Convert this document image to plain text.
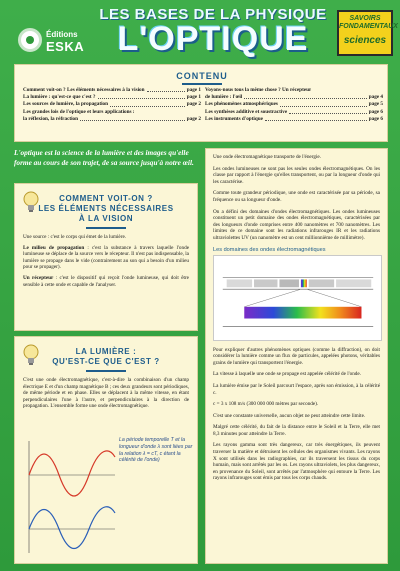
Éditions
ESKA
LES BASES DE LA PHYSIQUE
L'OPTIQUE
SAVOIRS FONDAMENTAUX
sciences
CONTENU
Comment voit-on ? Les éléments nécessaires à la vision	page 1
La lumière : qu'est-ce que c'est ?	page 1
Les sources de lumière, la propagation	page 2
Les grandes lois de l'optique et leurs applications :
la réflexion, la réfraction	page 2
Voyons-nous tous la même chose ? Un récepteur
de lumière : l'œil	page 4
Les phénomènes atmosphériques	page 5
Les synthèses additive et soustractive	page 6
Les instruments d'optique	page 6
L'optique est la science de la lumière et des images qu'elle forme au cours de son trajet, de sa source jusqu'à notre œil.
COMMENT VOIT-ON ?
LES ÉLÉMENTS NÉCESSAIRES
À LA VISION

Une source : c'est le corps qui émet de la lumière.

Le milieu de propagation : c'est la substance à travers laquelle l'onde lumineuse se déplace de la source vers le récepteur. Il n'est pas indispensable, la lumière se propage dans le vide (contrairement au son qui a besoin d'un milieu pour se propager).

Un récepteur : c'est le dispositif qui reçoit l'onde lumineuse, qui doit être sensible à cette onde et capable de l'analyser.

LA LUMIÈRE :
QU'EST-CE QUE C'EST ?

C'est une onde électromagnétique, c'est-à-dire la combinaison d'un champ électrique E et d'un champ magnétique B ; ces deux grandeurs sont périodiques, de même période et en phase. Elles se déplacent à la même vitesse, en étant perpendiculaires l'une à l'autre, et perpendiculaires à la direction de propagation. L'ensemble forme une onde électromagnétique.

La période temporelle T et la longueur d'onde λ sont liées par la relation λ = cT, c étant la célérité de l'onde)

Une onde électromagnétique transporte de l'énergie.

Les ondes lumineuses ne sont pas les seules ondes électromagnétiques. On les classe par rapport à l'énergie qu'elles transportent, ou par la longueur d'onde qui les caractérise.

Comme toute grandeur périodique, une onde est caractérisée par sa période, sa fréquence ou sa longueur d'onde.

On a défini des domaines d'ondes électromagnétiques. Les ondes lumineuses constituent un petit domaine des ondes électromagnétiques, caractérisées par des longueurs d'onde comprises entre 400 nanomètres et 700 nanomètres. Les limites de ce domaine sont les radiations infrarouges IR et les radiations ultraviolettes UV (un nanomètre est un cent millionnième de millimètre).

Les domaines des ondes électromagnétiques

Pour expliquer d'autres phénomènes optiques (comme la diffraction), on doit considérer la lumière comme un flux de particules, appelées photons, véritables grains de lumière qui transportent l'énergie.

La vitesse à laquelle une onde se propage est appelée célérité de l'onde.

La lumière émise par le Soleil parcourt l'espace, après son émission, à la célérité c.

c = 3 x 108 m/s (300 000 000 mètres par seconde).

C'est une constante universelle, aucun objet ne peut atteindre cette limite.

Malgré cette célérité, du fait de la distance entre le Soleil et la Terre, elle met 8,3 minutes pour atteindre la Terre.

Les rayons gamma sont très dangereux, car très énergétiques, ils peuvent traverser la matière et détruisent les cellules des organismes vivants. Les rayons X sont utilisés dans les radiographies, car ils traversent les tissus du corps humain, mais sont arrêtés par les os. Les rayons ultraviolets, les plus dangereux, en provenance du Soleil, sont arrêtés par l'atmosphère qui entoure la Terre. Les rayons infrarouges sont émis par tous les corps chauds.
